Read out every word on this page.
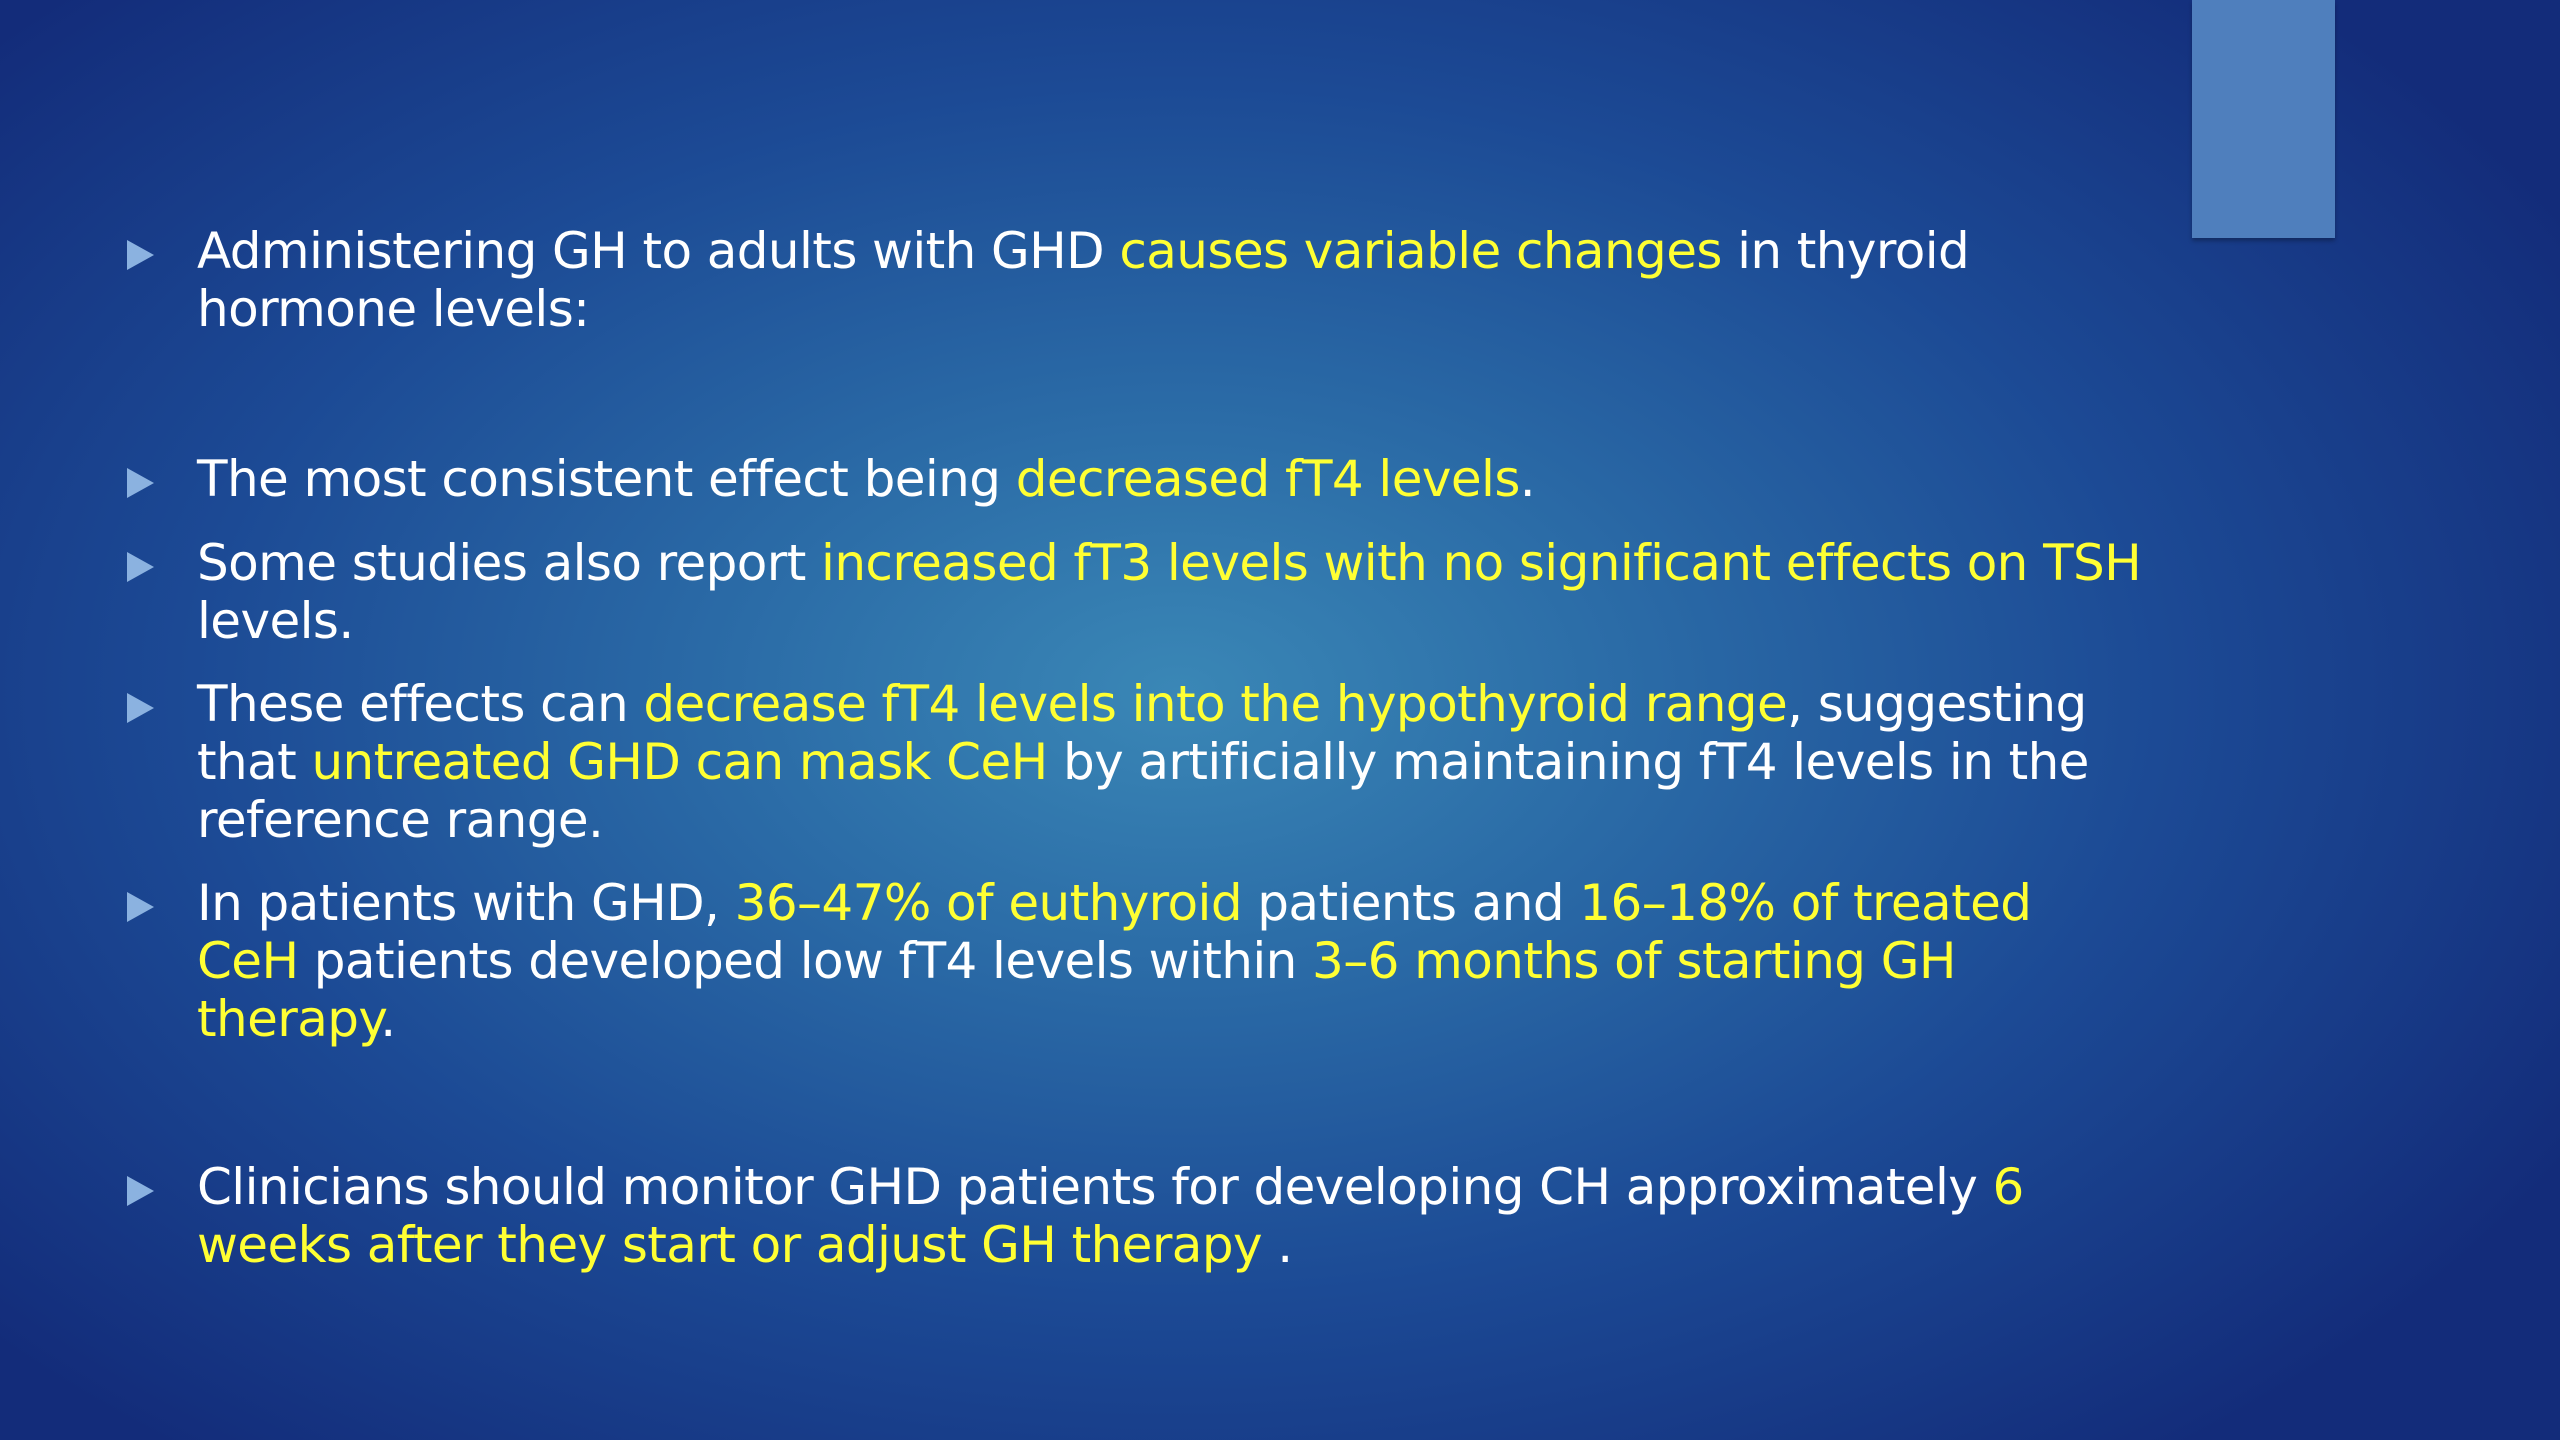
Administering GH to adults with GHD causes variable changes in thyroid
hormone levels:
The most consistent effect being decreased fT4 levels.
Some studies also report increased fT3 levels with no significant effects on TSH
levels.
These effects can decrease fT4 levels into the hypothyroid range, suggesting
that untreated GHD can mask CeH by artificially maintaining fT4 levels in the
reference range.
In patients with GHD, 36–47% of euthyroid patients and 16–18% of treated
CeH patients developed low fT4 levels within 3–6 months of starting GH
therapy.
Clinicians should monitor GHD patients for developing CH approximately 6
weeks after they start or adjust GH therapy .
